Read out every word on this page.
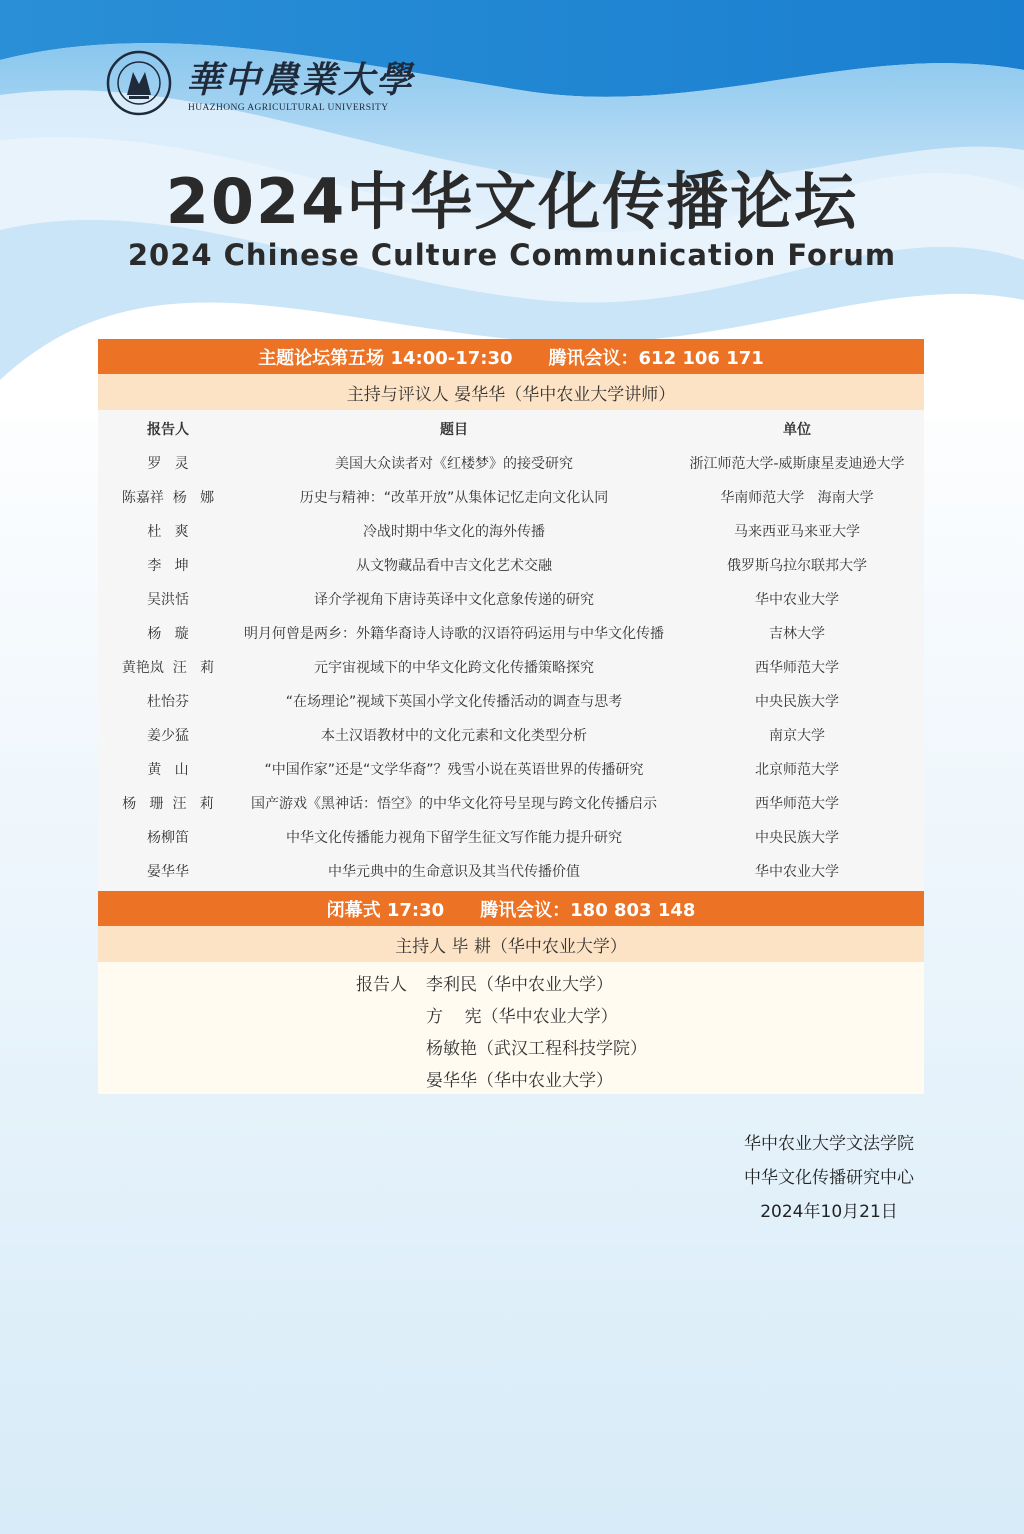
華中農業大學
HUAZHONG AGRICULTURAL UNIVERSITY
2024中华文化传播论坛
2024 Chinese Culture Communication Forum
主题论坛第五场 14:00-17:30 腾讯会议：612 106 171
主持与评议人 晏华华（华中农业大学讲师）
报告人	题目	单位
罗   灵	美国大众读者对《红楼梦》的接受研究	浙江师范大学-威斯康星麦迪逊大学
陈嘉祥  杨   娜	历史与精神：“改革开放”从集体记忆走向文化认同	华南师范大学   海南大学
杜   爽	冷战时期中华文化的海外传播	马来西亚马来亚大学
李   坤	从文物藏品看中吉文化艺术交融	俄罗斯乌拉尔联邦大学
吴洪恬	译介学视角下唐诗英译中文化意象传递的研究	华中农业大学
杨   璇	明月何曾是两乡：外籍华裔诗人诗歌的汉语符码运用与中华文化传播	吉林大学
黄艳岚  汪   莉	元宇宙视域下的中华文化跨文化传播策略探究	西华师范大学
杜怡芬	“在场理论”视域下英国小学文化传播活动的调查与思考	中央民族大学
姜少猛	本土汉语教材中的文化元素和文化类型分析	南京大学
黄   山	“中国作家”还是“文学华裔”？残雪小说在英语世界的传播研究	北京师范大学
杨   珊  汪   莉	国产游戏《黑神话：悟空》的中华文化符号呈现与跨文化传播启示	西华师范大学
杨柳笛	中华文化传播能力视角下留学生征文写作能力提升研究	中央民族大学
晏华华	中华元典中的生命意识及其当代传播价值	华中农业大学
闭幕式 17:30 腾讯会议：180 803 148
主持人 毕 耕（华中农业大学）
报告人 李利民（华中农业大学）
方    宪（华中农业大学）
杨敏艳（武汉工程科技学院）
晏华华（华中农业大学）
华中农业大学文法学院
中华文化传播研究中心
2024年10月21日
